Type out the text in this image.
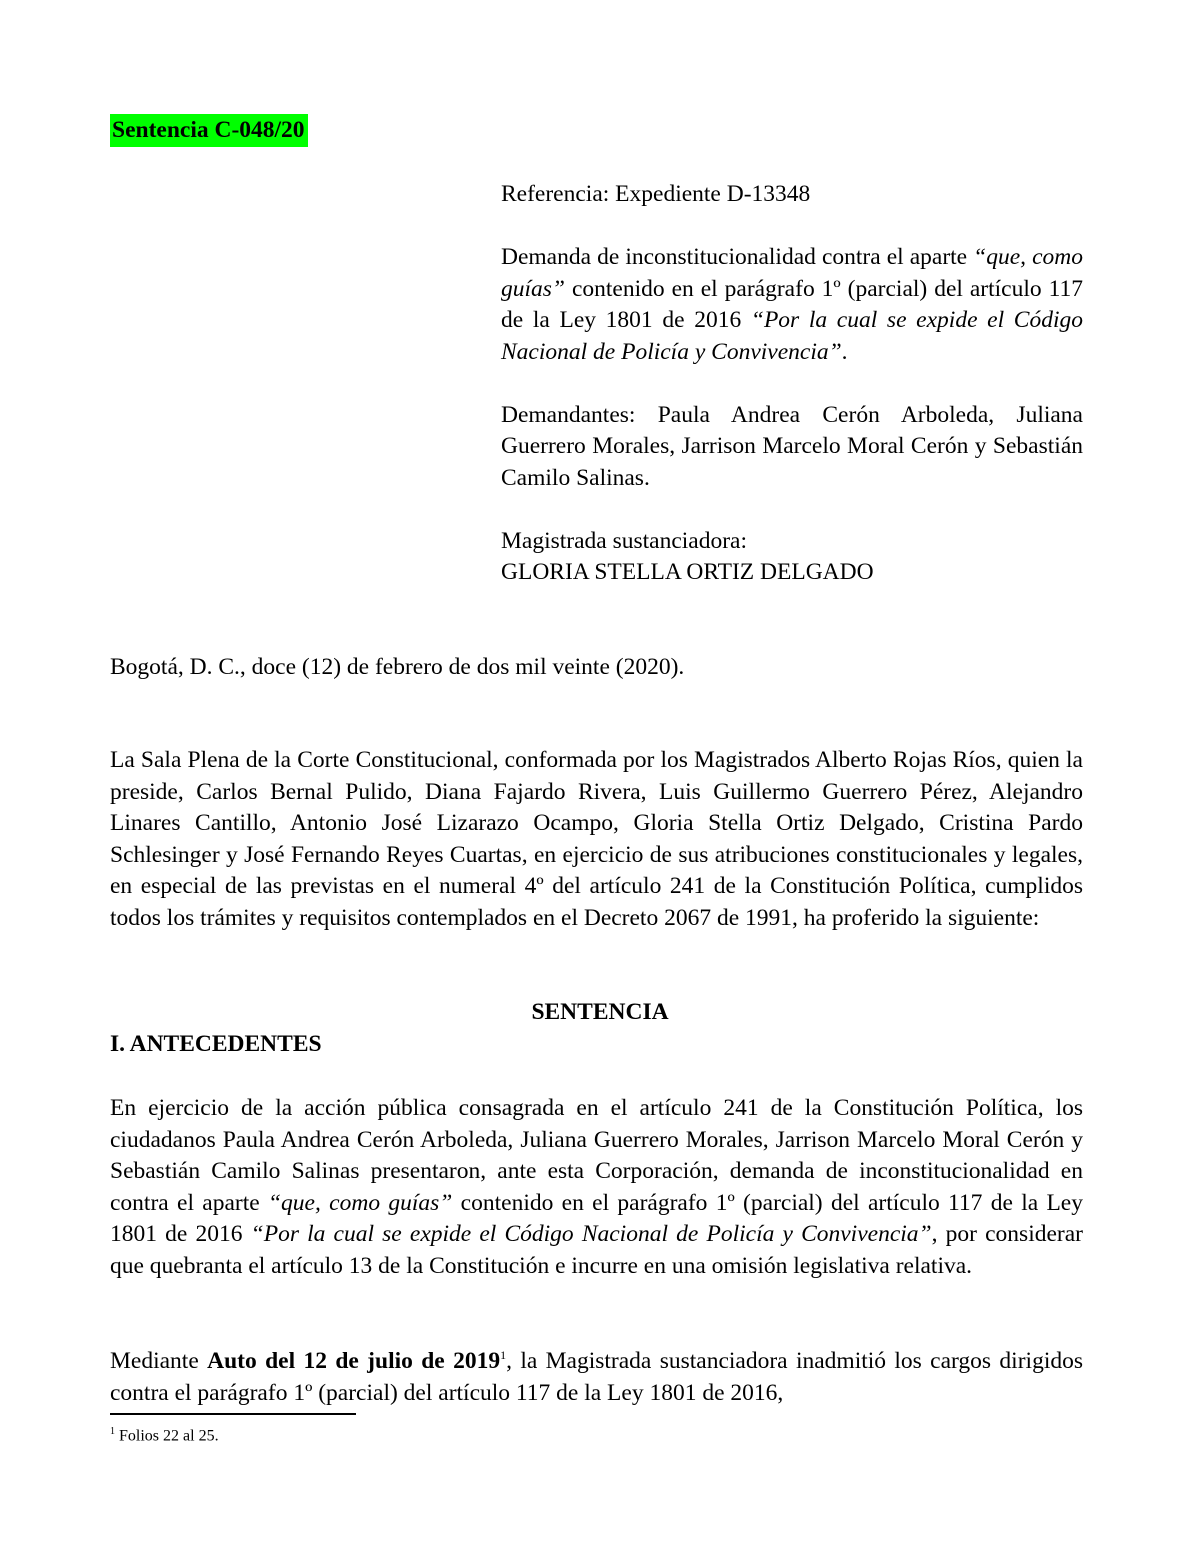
Sentencia C-048/20

Referencia: Expediente D-13348

Demanda de inconstitucionalidad contra el aparte “que, como guías” contenido en el parágrafo 1º (parcial) del artículo 117 de la Ley 1801 de 2016 “Por la cual se expide el Código Nacional de Policía y Convivencia”.

Demandantes: Paula Andrea Cerón Arboleda, Juliana Guerrero Morales, Jarrison Marcelo Moral Cerón y Sebastián Camilo Salinas.

Magistrada sustanciadora:

GLORIA STELLA ORTIZ DELGADO

Bogotá, D. C., doce (12) de febrero de dos mil veinte (2020).

La Sala Plena de la Corte Constitucional, conformada por los Magistrados Alberto Rojas Ríos, quien la preside, Carlos Bernal Pulido, Diana Fajardo Rivera, Luis Guillermo Guerrero Pérez, Alejandro Linares Cantillo, Antonio José Lizarazo Ocampo, Gloria Stella Ortiz Delgado, Cristina Pardo Schlesinger y José Fernando Reyes Cuartas, en ejercicio de sus atribuciones constitucionales y legales, en especial de las previstas en el numeral 4º del artículo 241 de la Constitución Política, cumplidos todos los trámites y requisitos contemplados en el Decreto 2067 de 1991, ha proferido la siguiente:

SENTENCIA
I. ANTECEDENTES

En ejercicio de la acción pública consagrada en el artículo 241 de la Constitución Política, los ciudadanos Paula Andrea Cerón Arboleda, Juliana Guerrero Morales, Jarrison Marcelo Moral Cerón y Sebastián Camilo Salinas presentaron, ante esta Corporación, demanda de inconstitucionalidad en contra el aparte “que, como guías” contenido en el parágrafo 1º (parcial) del artículo 117 de la Ley 1801 de 2016 “Por la cual se expide el Código Nacional de Policía y Convivencia”, por considerar que quebranta el artículo 13 de la Constitución e incurre en una omisión legislativa relativa.

Mediante Auto del 12 de julio de 2019$^1$, la Magistrada sustanciadora inadmitió los cargos dirigidos contra el parágrafo 1º (parcial) del artículo 117 de la Ley 1801 de 2016,

$^1$ Folios 22 al 25.
